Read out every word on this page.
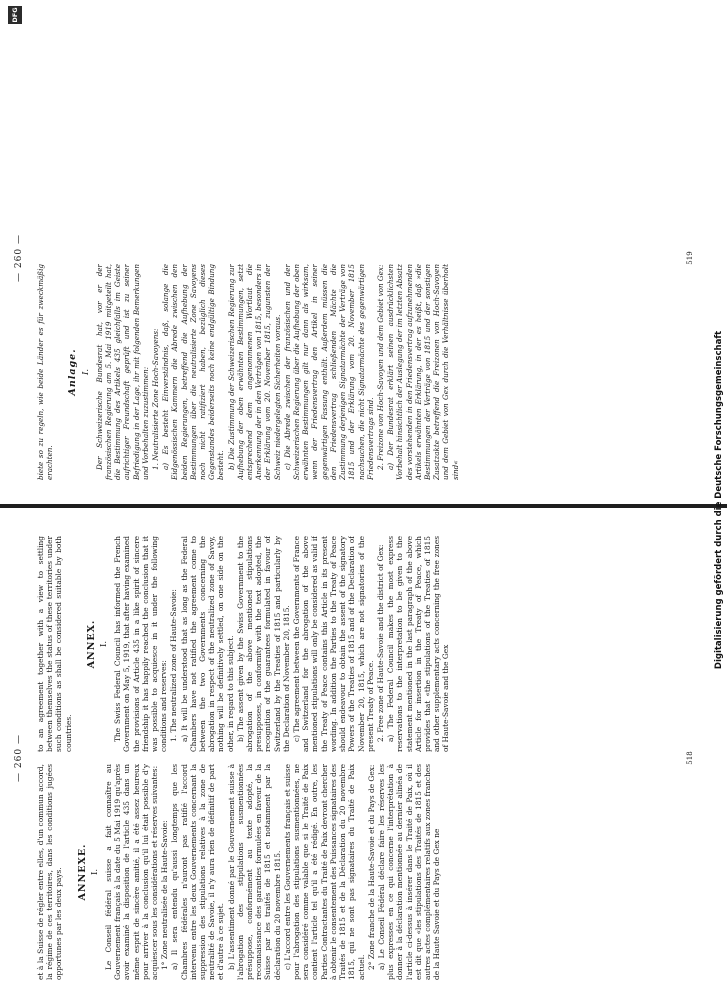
— 260 —

et à la Suisse de régler entre elles, d'un commun accord, la régime de ces territoires, dans les conditions jugées opportunes par les deux pays. ANNEXE. I. Le Conseil fédéral suisse a fait connaître au Gouvernement français à la date du 5 Mai 1919 qu'après avoir examiné la disposition de l'article 435 dans un même esprit de sincère amitié, il a été assez heureux pour arriver à la conclusion qu'il lui était possible d'y acquiescer sous les considérations et réserves suivantes: 1° Zone neutralisée de la Haute-Savoie: a) Il sera entendu qu'aussi longtemps que les Chambres fédérales n'auront pas ratifié l'accord intervenu entre les deux Gouvernements concernant la suppression des stipulations relatives à la zone de neutralité de Savoie, il n'y aura rien de définitif de part et d'autre à ce sujet. b) L'assentiment donné par le Gouvernement suisse à l'abrogation des stipulations susmentionnées présuppose, conformément au texte adopté, la reconnaissance des garanties formulées en faveur de la Suisse par les traités de 1815 et notamment par la déclaration du 20 novembre 1815. c) L'accord entre les Gouvernements français et suisse pour l'abrogation des stipulations susmentionnées, ne sera considéré comme valable que si le Traité de Paix contient l'article tel qu'il a été rédigé. En outre, les Parties Contractantes du Traité de Paix devront chercher à obtenir le consentement des Puissances signataires des Traités de 1815 et de la Déclaration du 20 novembre 1815, qui ne sont pas signataires du Traité de Paix actuel. 2° Zone franche de la Haute-Savoie et du Pays de Gex: a) Le Conseil Fédéral déclare faire les réserves les plus expresses en ce qui concerne l'interprétation à donner à la déclaration mentionnée au dernier alinéa de l'article ci-dessus à insérer dans le Traité de Paix, où il est dit que «les stipulations des Traités de 1815 et des autres actes complémentaires relatifs aux zones franches de la Haute Savoie et du Pays de Gex ne

to an agreement together with a view to settling between themselves the status of these territories under such conditions as shall be considered suitable by both countries.

ANNEX. I. The Swiss Federal Council has informed the French Government on May 5, 1919, that after having examined the provisions of Article 435 in a like spirit of sincere friendship it has happily reached the conclusion that it was possible to acquiesce in it under the following conditions and reserves: 1. The neutralized zone of Haute-Savoie: a) It will be understood that as long as the Federal Chambers have not ratified the agreement come to between the two Governments concerning the abrogation in respect of the neutralized zone of Savoy, nothing will be definitively settled, on one side on the other, in regard to this subject. b) The assent given by the Swiss Government to the abrogation of the above mentioned stipulations presupposes, in conformity with the text adopted, the recognition of the guarantees formulated in favour of Switzerland by the Treaties of 1815 and particularly by the Declaration of November 20, 1815. c) The agreement between the Governments of France and Switzerland for the abrogation of the above mentioned stipulations will only be considered as valid if the Treaty of Peace contains this Article in its present wording. In addition the Parties to the Treaty of Peace should endeavour to obtain the assent of the signatory Powers of the Treaties of 1815 and of the Declaration of November 20, 1815, which are not signatories of the present Treaty of Peace. 2. Free zone of Haute-Savoie and the district of Gex: a) The Federal Council makes the most express reservations to the interpretation to be given to the statement mentioned in the last paragraph of the above Article for insertion in the Treaty of Peace, which provides that «the stipulations of the Treaties of 1815 and other supplementary acts concerning the free zones of Haute-Savoie and the Gex

518
— 260 —

bietе so zu regeln, wie beide Länder es für zweckmäßig erachten.

Anlage. I. Der Schweizerische Bundesrat hat, vor er der französischen Regierung am 5. Mai 1919 mitgeteilt hat, die Bestimmung des Artikels 435 gleichfalls im Geiste aufrichtiger Freundschaft geprüft und ist zu seiner Befriedigung in der Lage, ihr mit folgenden Bemerkungen und Vorbehalten zuzustimmen: 1. Neutralisierte Zone Hoch-Savoyens: a) Es besteht Einverständnis, daß, solange die Eidgenössischen Kammern die Abrede zwischen den beiden Regierungen, betreffend die Aufhebung der Bestimmungen über die neutralisierte Zone Savoyens noch nicht ratifiziert haben, bezüglich dieses Gegenstandes beiderseits noch keine endgültige Bindung besteht. b) Die Zustimmung der Schweizerischen Regierung zur Aufhebung der oben erwähnten Bestimmungen, setzt entsprechend dem angenommenen Wortlaut die Anerkennung der in den Verträgen von 1815, besonders in der Erklärung vom 20. November 1815, zugunsten der Schweiz niedergelegten Sicherheiten voraus. c) Die Abrede zwischen der französischen und der Schweizerischen Regierung über die Aufhebung der oben erwähnten Bestimmungen gilt nur dann als wirksam, wenn der Friedensvertrag den Artikel in seiner gegenwärtigen Fassung enthält. Außerdem müssen die den Friedensvertrag schließenden Mächte die Zustimmung derjenigen Signatarmächte der Verträge von 1815 und der Erklärung vom 20. November 1815 nachsuchen, die nicht Signatarmächte des gegenwärtigen Friedensvertrags sind. 2. Freizone von Hoch-Savoyen und dem Gebiet von Gex: a) Der Bundesrat erklärt seinen ausdrücklichsten Vorbehalt hinsichtlich der Auslegung der im letzten Absatz des vorstehenden in den Friedensvertrag aufzunehmenden Artikels erwähnten Erklärung, in der es heißt, daß »die Bestimmungen der Verträge von 1815 und der sonstigen Zusatzakte betreffend die Freizonen von Hoch-Savoyen und dem Gebiet von Gex durch die Verhältnisse überholt sind«

519
DFG
Digitalisierung gefördert durch die Deutsche Forschungsgemeinschaft
